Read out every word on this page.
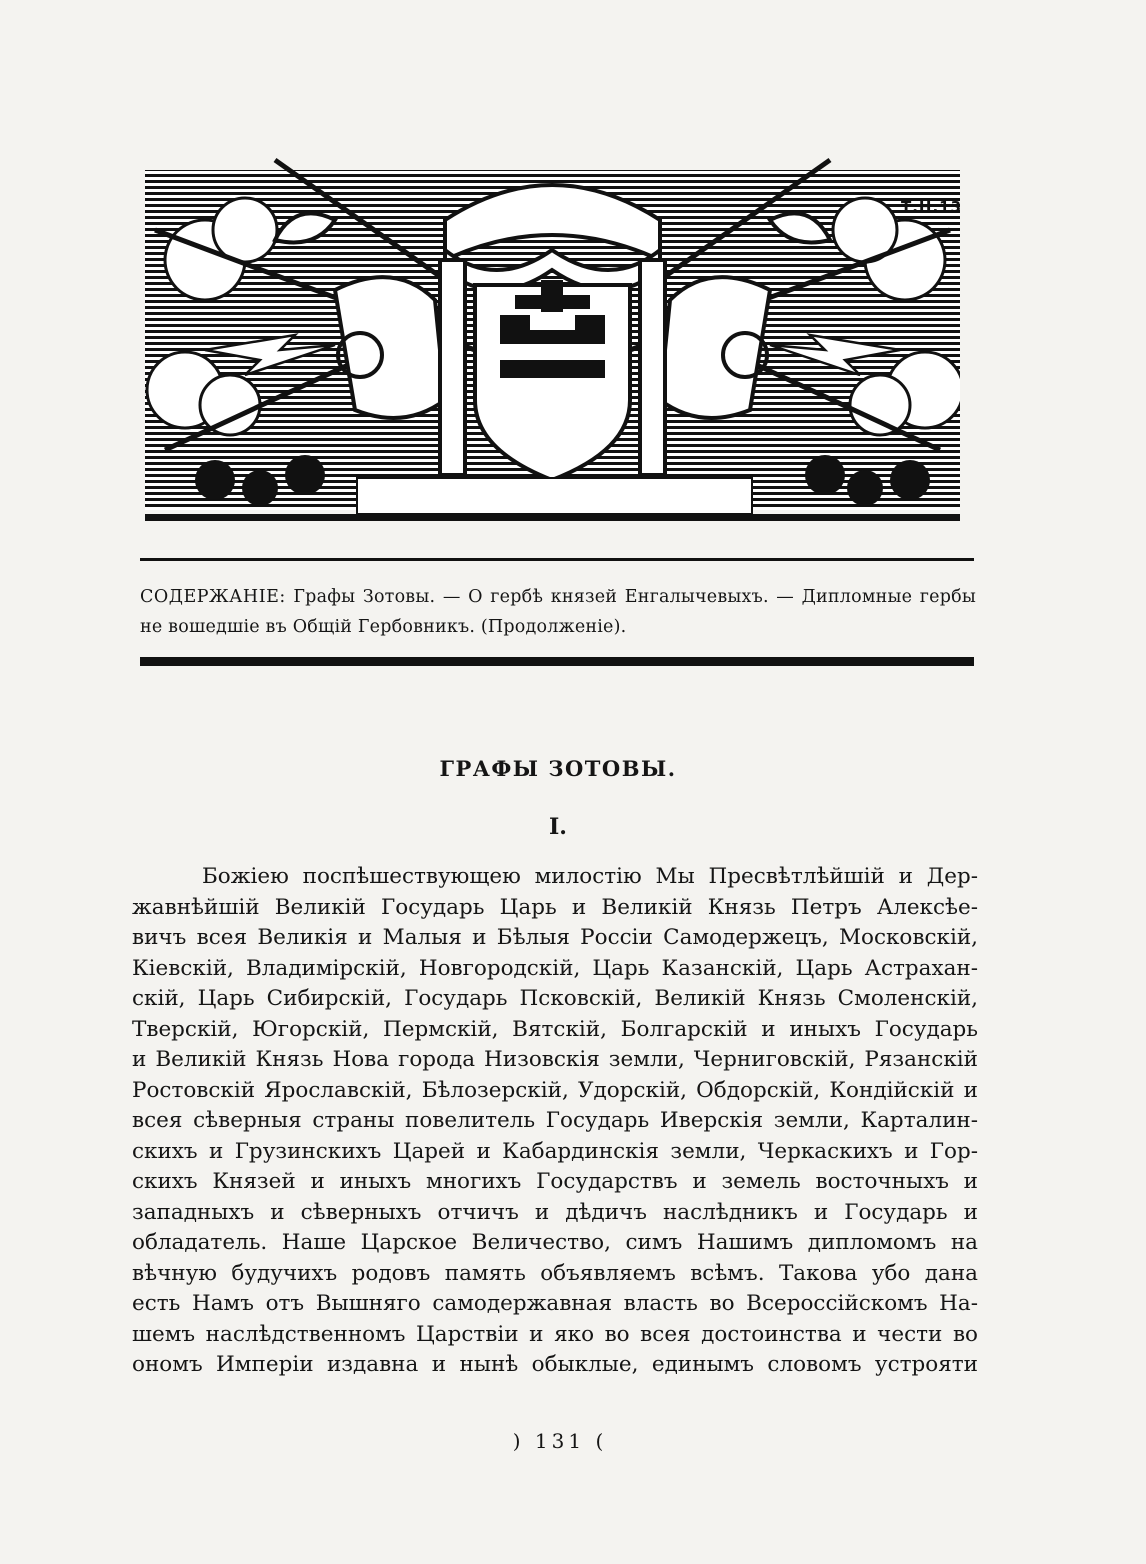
Т.Н.13
СОДЕРЖАНІЕ: Графы Зотовы. — О гербѣ князей Енгалычевыхъ. — Дипломные гербы не вошедшіе въ Общій Гербовникъ. (Продолженіе).
ГРАФЫ ЗОТОВЫ.
I.
Божіею поспѣшествующею милостію Мы Пресвѣтлѣйшій и Дер-
жавнѣйшій Великій Государь Царь и Великій Князь Петръ Алексѣе-
вичъ всея Великія и Малыя и Бѣлыя Россіи Самодержецъ, Московскій,
Кіевскій, Владимірскій, Новгородскій, Царь Казанскій, Царь Астрахан-
скій, Царь Сибирскій, Государь Псковскій, Великій Князь Смоленскій,
Тверскій, Югорскій, Пермскій, Вятскій, Болгарскій и иныхъ Государь
и Великій Князь Нова города Низовскія земли, Черниговскій, Рязанскій
Ростовскій Ярославскій, Бѣлозерскій, Удорскій, Обдорскій, Кондійскій и
всея сѣверныя страны повелитель Государь Иверскія земли, Карталин-
скихъ и Грузинскихъ Царей и Кабардинскія земли, Черкаскихъ и Гор-
скихъ Князей и иныхъ многихъ Государствъ и земель восточныхъ и
западныхъ и сѣверныхъ отчичъ и дѣдичъ наслѣдникъ и Государь и
обладатель. Наше Царское Величество, симъ Нашимъ дипломомъ на
вѣчную будучихъ родовъ память объявляемъ всѣмъ. Такова убо дана
есть Намъ отъ Вышняго самодержавная власть во Всероссійскомъ На-
шемъ наслѣдственномъ Царствіи и яко во всея достоинства и чести во
ономъ Имперіи издавна и нынѣ обыклые, единымъ словомъ устрояти
) 131 (
